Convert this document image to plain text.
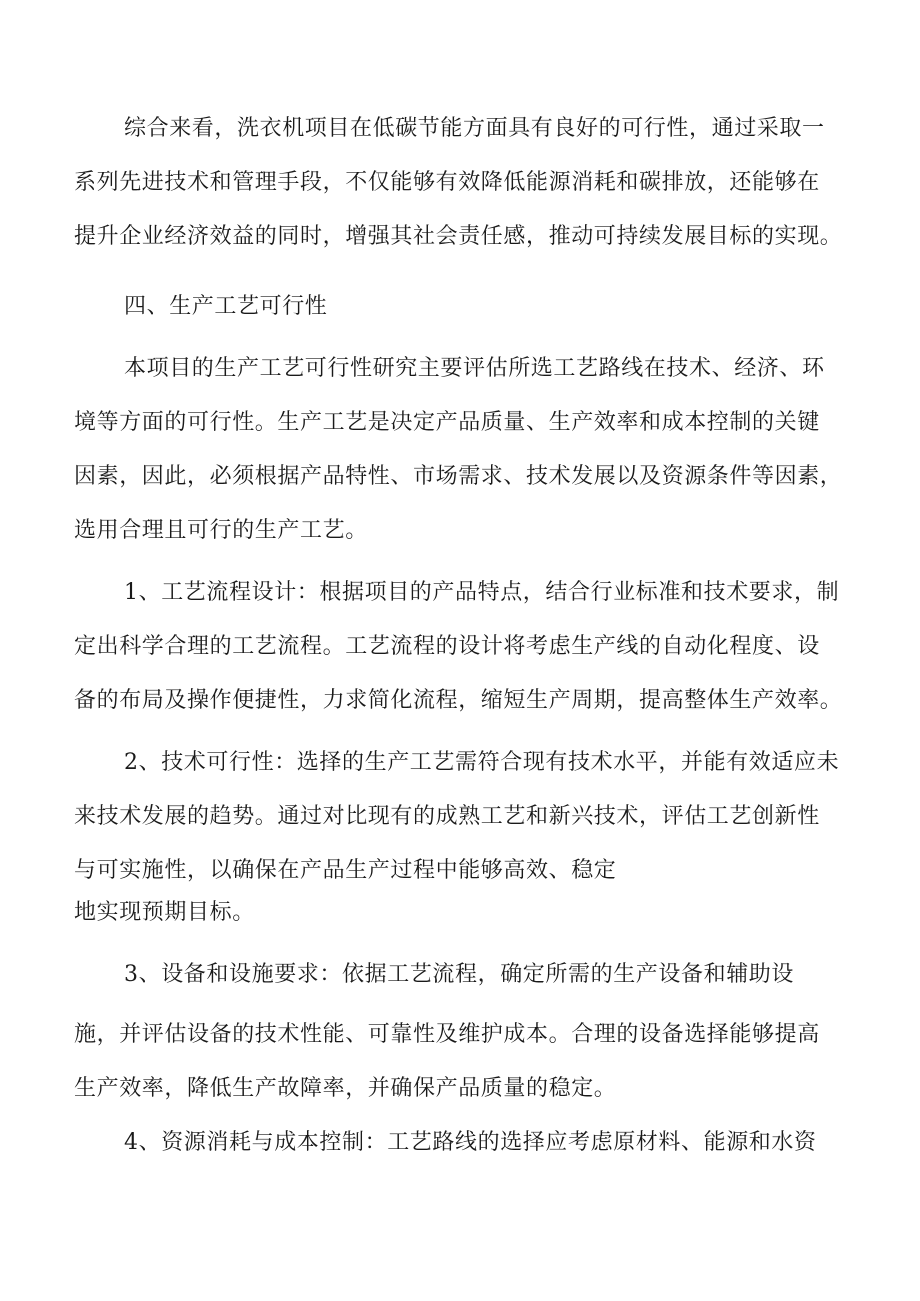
综合来看，洗衣机项目在低碳节能方面具有良好的可行性，通过采取一
系列先进技术和管理手段，不仅能够有效降低能源消耗和碳排放，还能够在
提升企业经济效益的同时，增强其社会责任感，推动可持续发展目标的实现。
四、生产工艺可行性
本项目的生产工艺可行性研究主要评估所选工艺路线在技术、经济、环
境等方面的可行性。生产工艺是决定产品质量、生产效率和成本控制的关键
因素，因此，必须根据产品特性、市场需求、技术发展以及资源条件等因素，
选用合理且可行的生产工艺。
1、工艺流程设计：根据项目的产品特点，结合行业标准和技术要求，制
定出科学合理的工艺流程。工艺流程的设计将考虑生产线的自动化程度、设
备的布局及操作便捷性，力求简化流程，缩短生产周期，提高整体生产效率。
2、技术可行性：选择的生产工艺需符合现有技术水平，并能有效适应未
来技术发展的趋势。通过对比现有的成熟工艺和新兴技术，评估工艺创新性
与可实施性，以确保在产品生产过程中能够高效、稳定
地实现预期目标。
3、设备和设施要求：依据工艺流程，确定所需的生产设备和辅助设
施，并评估设备的技术性能、可靠性及维护成本。合理的设备选择能够提高
生产效率，降低生产故障率，并确保产品质量的稳定。
4、资源消耗与成本控制：工艺路线的选择应考虑原材料、能源和水资
